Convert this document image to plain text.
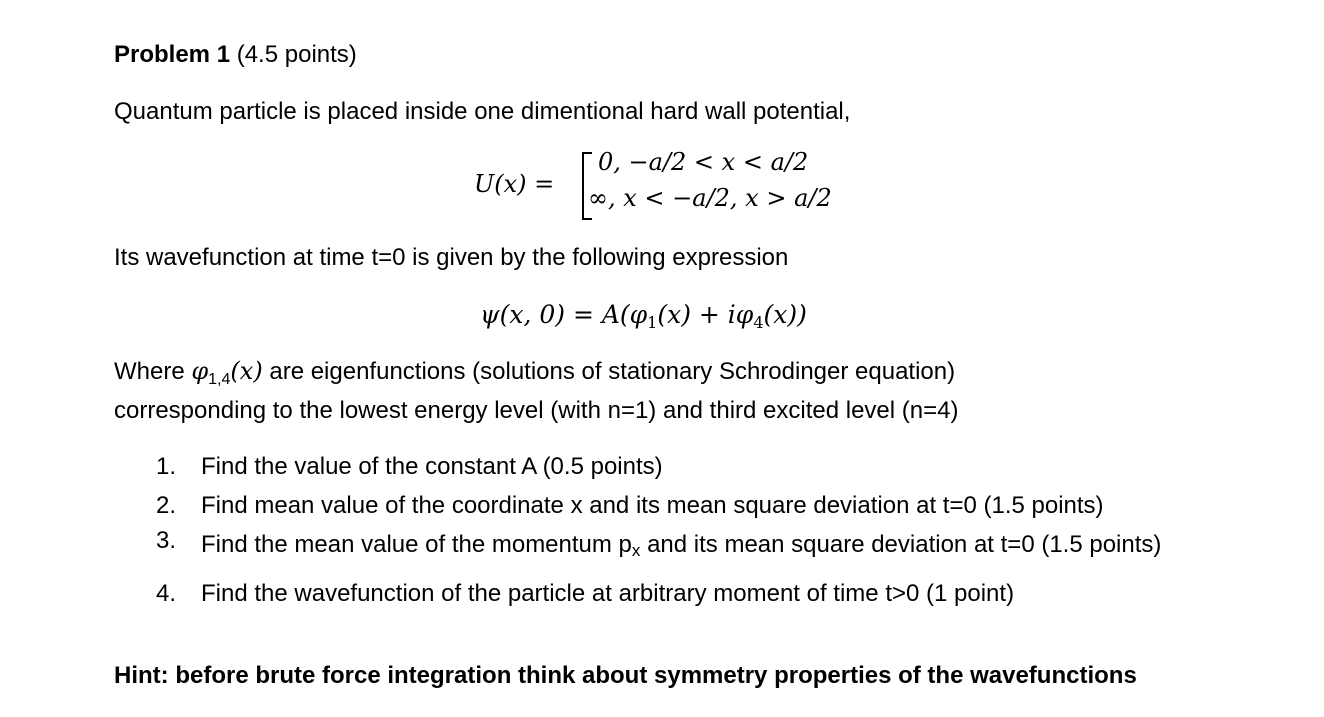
Problem 1 (4.5 points)
Quantum particle is placed inside one dimentional hard wall potential,
U(x) =
0, −a/2 < x < a/2
∞, x < −a/2, x > a/2
Its wavefunction at time t=0 is given by the following expression
ψ(x, $0) = A(\varphi_1(x) + i\varphi_4(x))$
Where $\varphi_{1,4}(x)$ are eigenfunctions (solutions of stationary Schrodinger equation)
corresponding to the lowest energy level (with n=1) and third excited level (n=4)
1. Find the value of the constant A (0.5 points)
2. Find mean value of the coordinate x and its mean square deviation at t=0 (1.5 points)
3. Find the mean value of the momentum $p_x$ and its mean square deviation at t=0 (1.5 points)
4. Find the wavefunction of the particle at arbitrary moment of time t>0 (1 point)
Hint: before brute force integration think about symmetry properties of the wavefunctions
